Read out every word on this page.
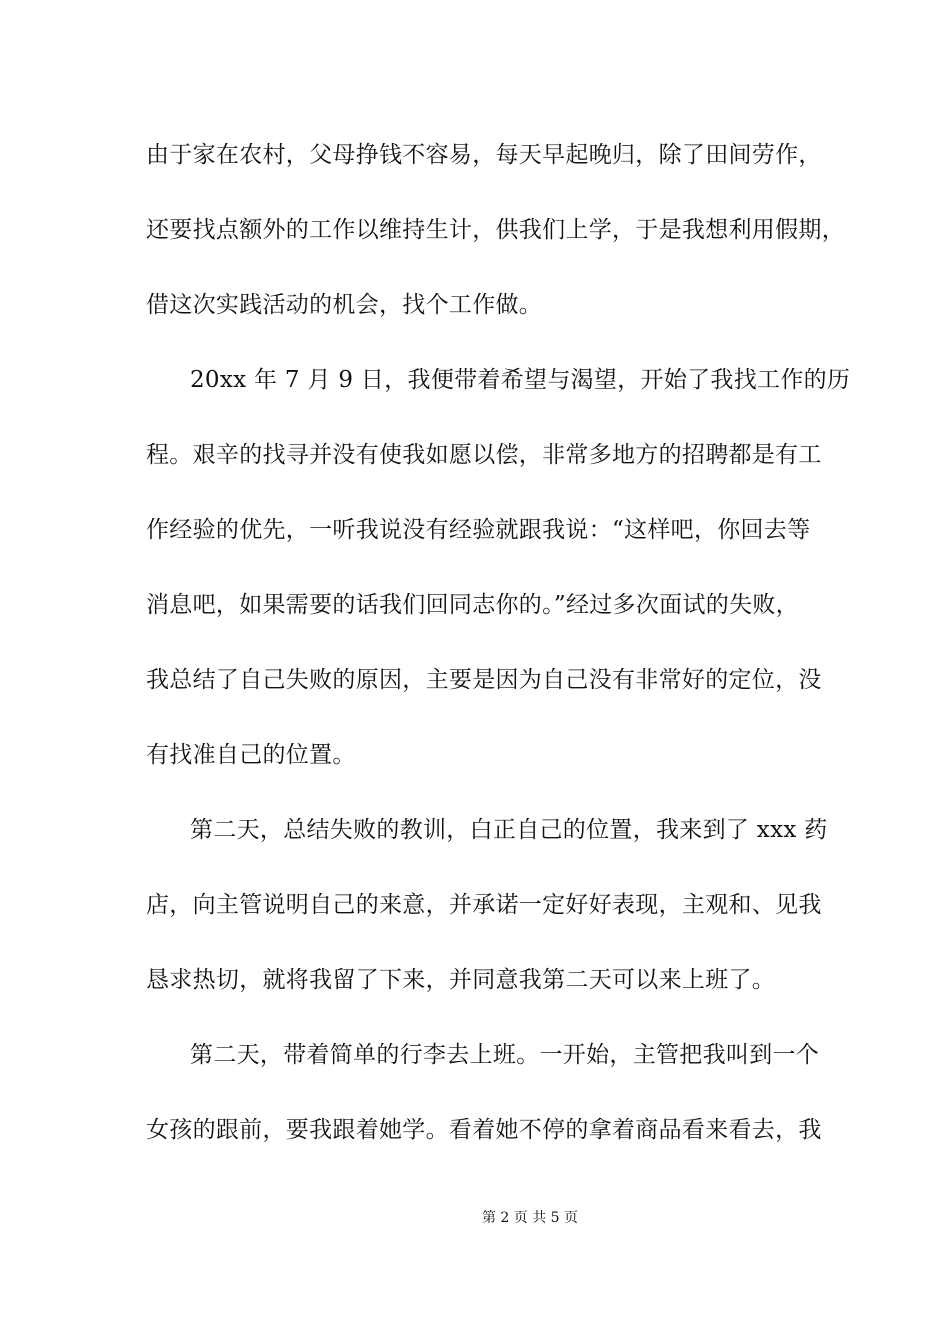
由于家在农村，父母挣钱不容易，每天早起晚归，除了田间劳作，
还要找点额外的工作以维持生计，供我们上学，于是我想利用假期，
借这次实践活动的机会，找个工作做。
20xx 年 7 月 9 日，我便带着希望与渴望，开始了我找工作的历
程。艰辛的找寻并没有使我如愿以偿，非常多地方的招聘都是有工
作经验的优先，一听我说没有经验就跟我说：“这样吧，你回去等
消息吧，如果需要的话我们回同志你的。”经过多次面试的失败，
我总结了自己失败的原因，主要是因为自己没有非常好的定位，没
有找准自己的位置。
第二天，总结失败的教训，白正自己的位置，我来到了 xxx 药
店，向主管说明自己的来意，并承诺一定好好表现，主观和、见我
恳求热切，就将我留了下来，并同意我第二天可以来上班了。
第二天，带着简单的行李去上班。一开始，主管把我叫到一个
女孩的跟前，要我跟着她学。看着她不停的拿着商品看来看去，我
第 2 页 共 5 页
